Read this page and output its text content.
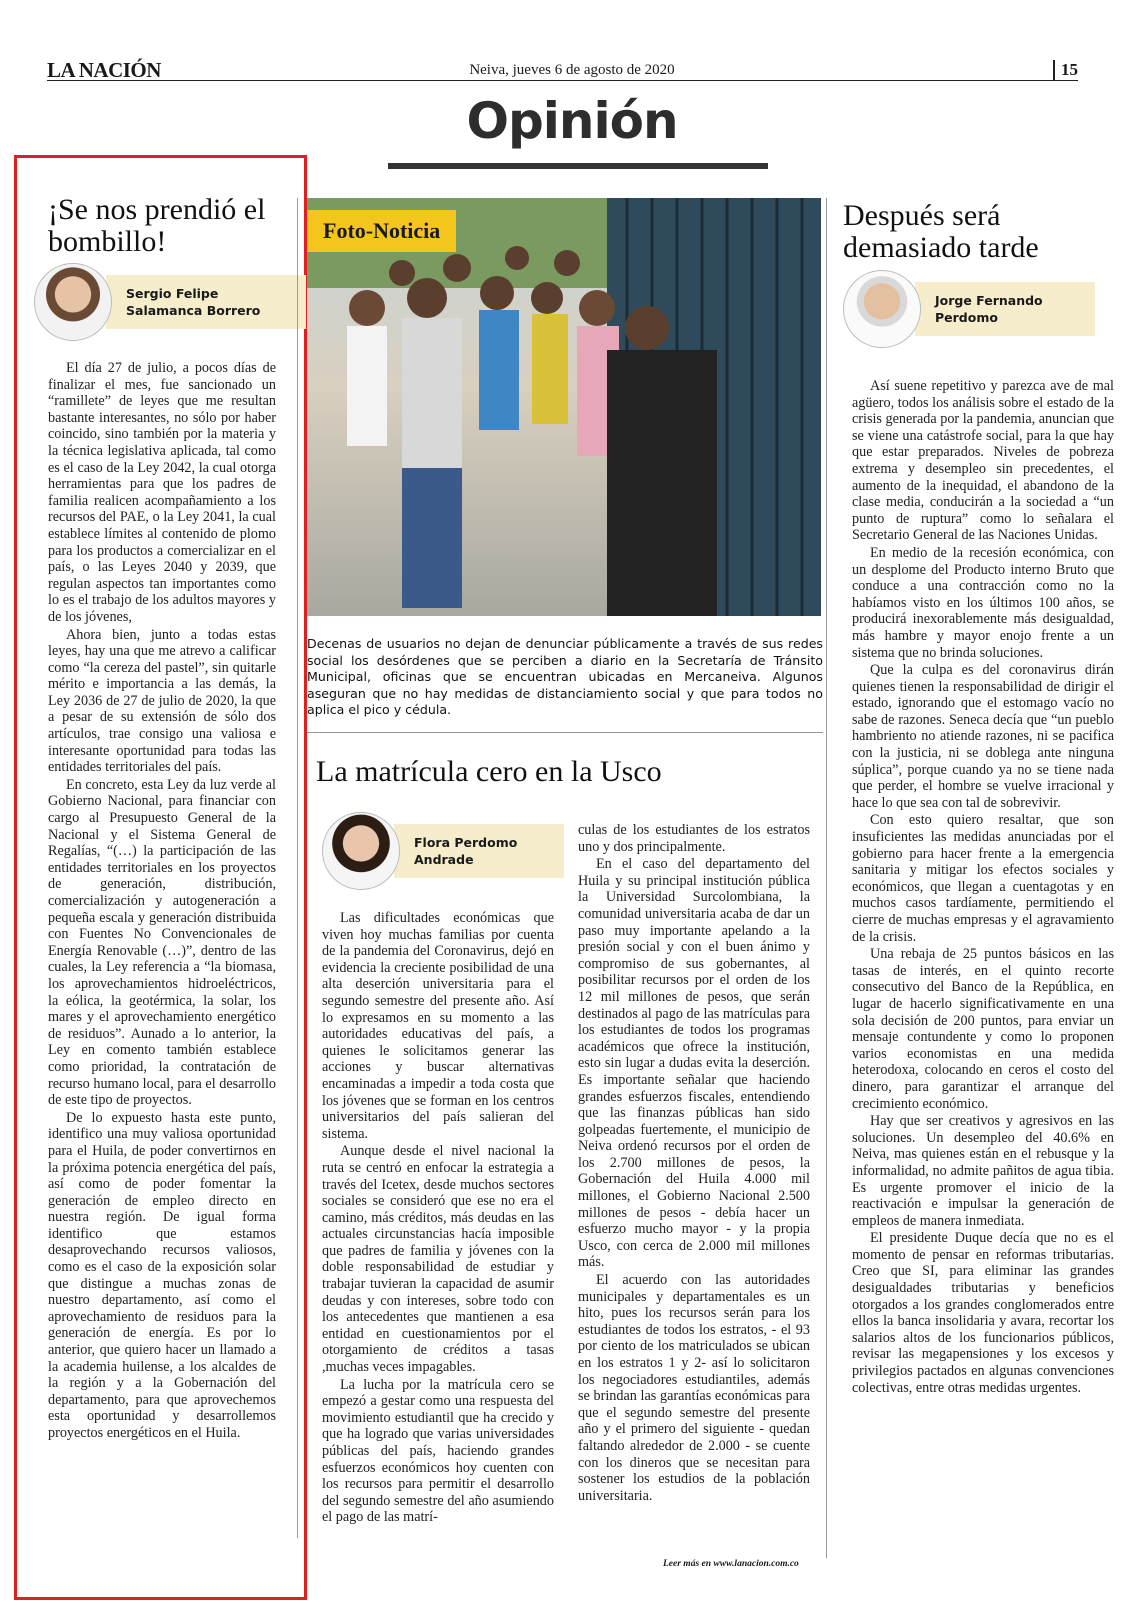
LA NACIÓN	Neiva, jueves 6 de agosto de 2020	15
Opinión
¡Se nos prendió el bombillo!
Sergio Felipe
Salamanca Borrero

El día 27 de julio, a pocos días de finalizar el mes, fue sancionado un “ramillete” de leyes que me resultan bastante interesantes, no sólo por haber coincido, sino también por la materia y la técnica legislativa aplicada, tal como es el caso de la Ley 2042, la cual otorga herramientas para que los padres de familia realicen acompañamiento a los recursos del PAE, o la Ley 2041, la cual establece límites al contenido de plomo para los productos a comercializar en el país, o las Leyes 2040 y 2039, que regulan aspectos tan importantes como lo es el trabajo de los adultos mayores y de los jóvenes,

Ahora bien, junto a todas estas leyes, hay una que me atrevo a calificar como “la cereza del pastel”, sin quitarle mérito e importancia a las demás, la Ley 2036 de 27 de julio de 2020, la que a pesar de su extensión de sólo dos artículos, trae consigo una valiosa e interesante oportunidad para todas las entidades territoriales del país.

En concreto, esta Ley da luz verde al Gobierno Nacional, para financiar con cargo al Presupuesto General de la Nacional y el Sistema General de Regalías, “(…) la participación de las entidades territoriales en los proyectos de generación, distribución, comercialización y autogeneración a pequeña escala y generación distribuida con Fuentes No Convencionales de Energía Renovable (…)”, dentro de las cuales, la Ley referencia a “la biomasa, los aprovechamientos hidroeléctricos, la eólica, la geotérmica, la solar, los mares y el aprovechamiento energético de residuos”. Aunado a lo anterior, la Ley en comento también establece como prioridad, la contratación de recurso humano local, para el desarrollo de este tipo de proyectos.

De lo expuesto hasta este punto, identifico una muy valiosa oportunidad para el Huila, de poder convertirnos en la próxima potencia energética del país, así como de poder fomentar la generación de empleo directo en nuestra región. De igual forma identifico que estamos desaprovechando recursos valiosos, como es el caso de la exposición solar que distingue a muchas zonas de nuestro departamento, así como el aprovechamiento de residuos para la generación de energía. Es por lo anterior, que quiero hacer un llamado a la academia huilense, a los alcaldes de la región y a la Gobernación del departamento, para que aprovechemos esta oportunidad y desarrollemos proyectos energéticos en el Huila.

Foto-Noticia
Decenas de usuarios no dejan de denunciar públicamente a través de sus redes social los desórdenes que se perciben a diario en la Secretaría de Tránsito Municipal, oficinas que se encuentran ubicadas en Mercaneiva. Algunos aseguran que no hay medidas de distanciamiento social y que para todos no aplica el pico y cédula.
La matrícula cero en la Usco
Flora Perdomo
Andrade

Las dificultades económicas que viven hoy muchas familias por cuenta de la pandemia del Coronavirus, dejó en evidencia la creciente posibilidad de una alta deserción universitaria para el segundo semestre del presente año. Así lo expresamos en su momento a las autoridades educativas del país, a quienes le solicitamos generar las acciones y buscar alternativas encaminadas a impedir a toda costa que los jóvenes que se forman en los centros universitarios del país salieran del sistema.

Aunque desde el nivel nacional la ruta se centró en enfocar la estrategia a través del Icetex, desde muchos sectores sociales se consideró que ese no era el camino, más créditos, más deudas en las actuales circunstancias hacía imposible que padres de familia y jóvenes con la doble responsabilidad de estudiar y trabajar tuvieran la capacidad de asumir deudas y con intereses, sobre todo con los antecedentes que mantienen a esa entidad en cuestionamientos por el otorgamiento de créditos a tasas ,muchas veces impagables.

La lucha por la matrícula cero se empezó a gestar como una respuesta del movimiento estudiantil que ha crecido y que ha logrado que varias universidades públicas del país, haciendo grandes esfuerzos económicos hoy cuenten con los recursos para permitir el desarrollo del segundo semestre del año asumiendo el pago de las matrí-

culas de los estudiantes de los estratos uno y dos principalmente.

En el caso del departamento del Huila y su principal institución pública la Universidad Surcolombiana, la comunidad universitaria acaba de dar un paso muy importante apelando a la presión social y con el buen ánimo y compromiso de sus gobernantes, al posibilitar recursos por el orden de los 12 mil millones de pesos, que serán destinados al pago de las matrículas para los estudiantes de todos los programas académicos que ofrece la institución, esto sin lugar a dudas evita la deserción. Es importante señalar que haciendo grandes esfuerzos fiscales, entendiendo que las finanzas públicas han sido golpeadas fuertemente, el municipio de Neiva ordenó recursos por el orden de los 2.700 millones de pesos, la Gobernación del Huila 4.000 mil millones, el Gobierno Nacional 2.500 millones de pesos - debía hacer un esfuerzo mucho mayor - y la propia Usco, con cerca de 2.000 mil millones más.

El acuerdo con las autoridades municipales y departamentales es un hito, pues los recursos serán para los estudiantes de todos los estratos, - el 93 por ciento de los matriculados se ubican en los estratos 1 y 2- así lo solicitaron los negociadores estudiantiles, además se brindan las garantías económicas para que el segundo semestre del presente año y el primero del siguiente - quedan faltando alrededor de 2.000 - se cuente con los dineros que se necesitan para sostener los estudios de la población universitaria.

Leer más en www.lanacion.com.co
Después será demasiado tarde
Jorge Fernando
Perdomo

Así suene repetitivo y parezca ave de mal agüero, todos los análisis sobre el estado de la crisis generada por la pandemia, anuncian que se viene una catástrofe social, para la que hay que estar preparados. Niveles de pobreza extrema y desempleo sin precedentes, el aumento de la inequidad, el abandono de la clase media, conducirán a la sociedad a “un punto de ruptura” como lo señalara el Secretario General de las Naciones Unidas.

En medio de la recesión económica, con un desplome del Producto interno Bruto que conduce a una contracción como no la habíamos visto en los últimos 100 años, se producirá inexorablemente más desigualdad, más hambre y mayor enojo frente a un sistema que no brinda soluciones.

Que la culpa es del coronavirus dirán quienes tienen la responsabilidad de dirigir el estado, ignorando que el estomago vacío no sabe de razones. Seneca decía que “un pueblo hambriento no atiende razones, ni se pacifica con la justicia, ni se doblega ante ninguna súplica”, porque cuando ya no se tiene nada que perder, el hombre se vuelve irracional y hace lo que sea con tal de sobrevivir.

Con esto quiero resaltar, que son insuficientes las medidas anunciadas por el gobierno para hacer frente a la emergencia sanitaria y mitigar los efectos sociales y económicos, que llegan a cuentagotas y en muchos casos tardíamente, permitiendo el cierre de muchas empresas y el agravamiento de la crisis.

Una rebaja de 25 puntos básicos en las tasas de interés, en el quinto recorte consecutivo del Banco de la República, en lugar de hacerlo significativamente en una sola decisión de 200 puntos, para enviar un mensaje contundente y como lo proponen varios economistas en una medida heterodoxa, colocando en ceros el costo del dinero, para garantizar el arranque del crecimiento económico.

Hay que ser creativos y agresivos en las soluciones. Un desempleo del 40.6% en Neiva, mas quienes están en el rebusque y la informalidad, no admite pañitos de agua tibia. Es urgente promover el inicio de la reactivación e impulsar la generación de empleos de manera inmediata.

El presidente Duque decía que no es el momento de pensar en reformas tributarias. Creo que SI, para eliminar las grandes desigualdades tributarias y beneficios otorgados a los grandes conglomerados entre ellos la banca insolidaria y avara, recortar los salarios altos de los funcionarios públicos, revisar las megapensiones y los excesos y privilegios pactados en algunas convenciones colectivas, entre otras medidas urgentes.
